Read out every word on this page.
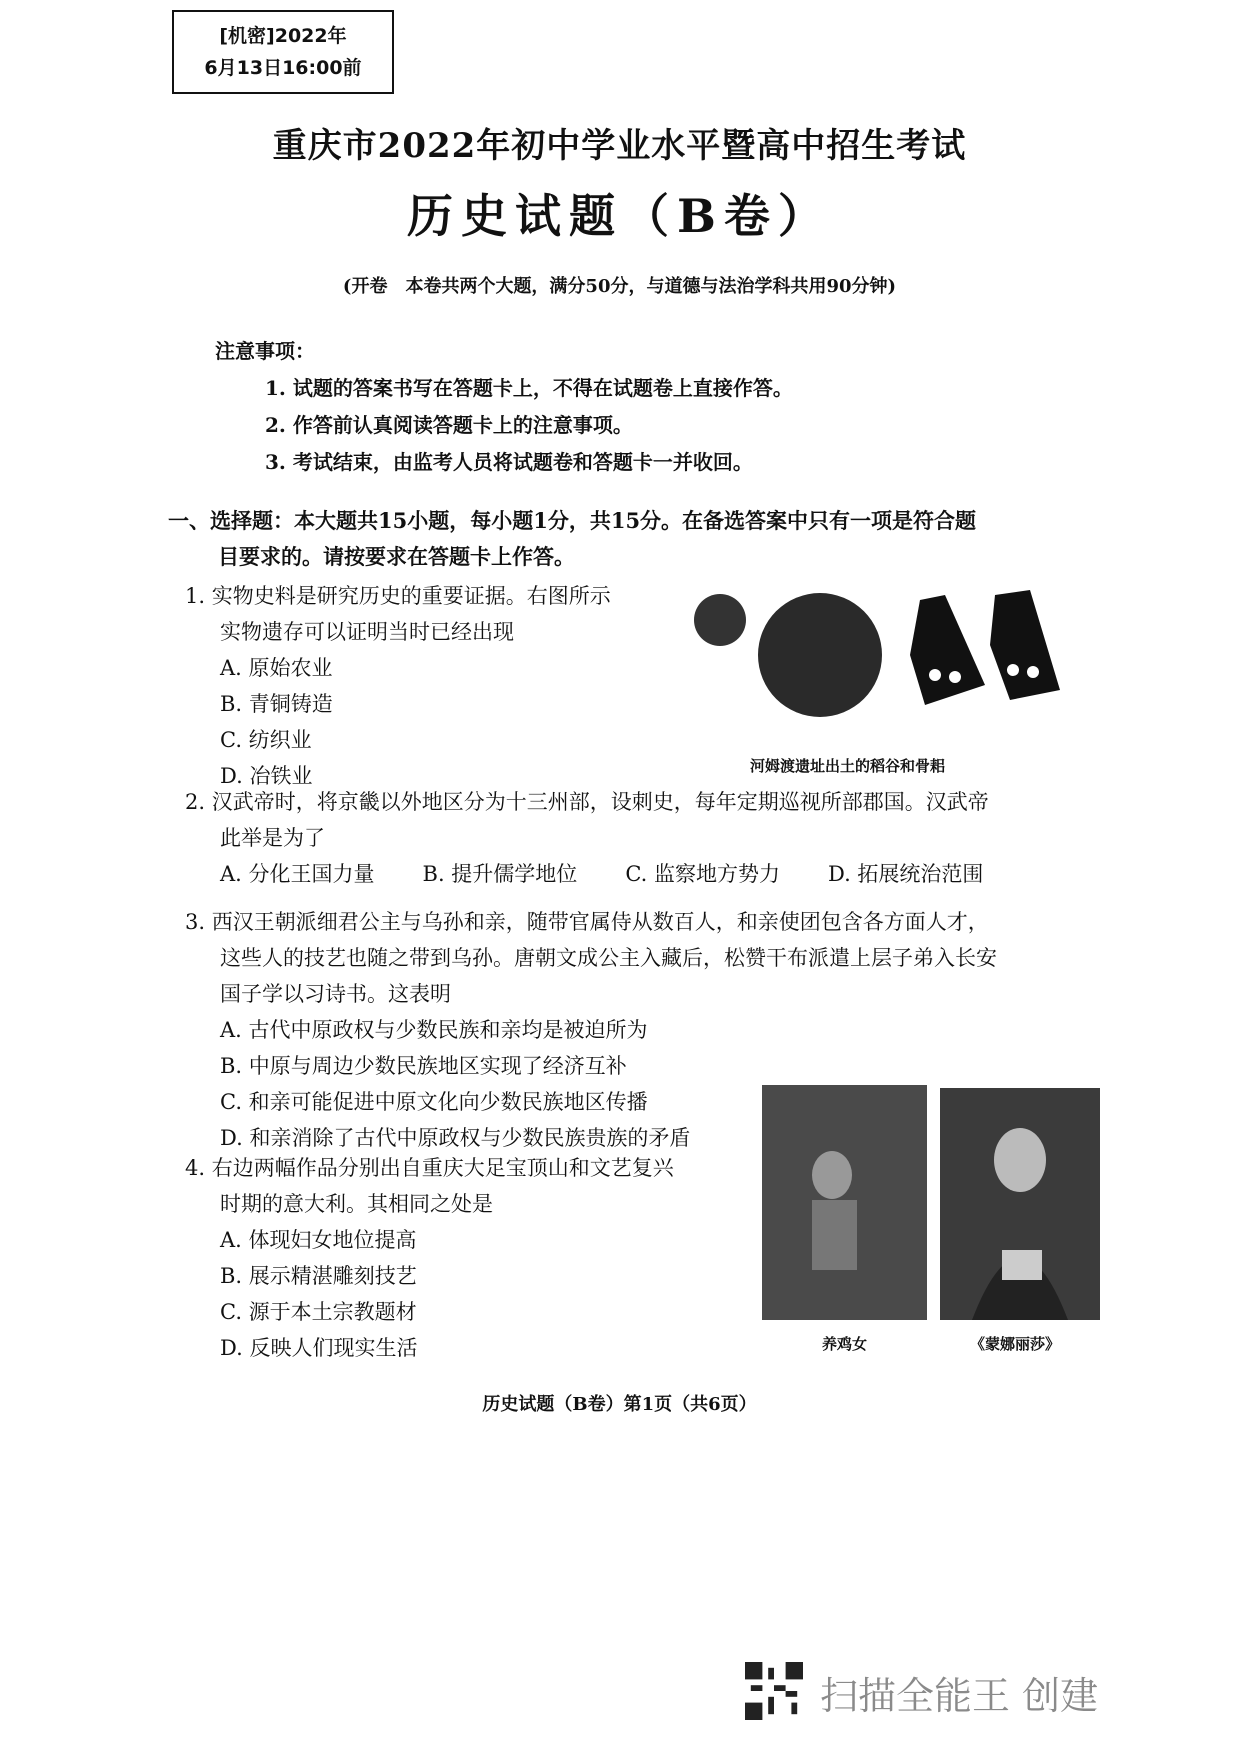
[机密]2022年
6月13日16:00前
重庆市2022年初中学业水平暨高中招生考试
历史试题（B卷）
(开卷　本卷共两个大题，满分50分，与道德与法治学科共用90分钟)
注意事项：
1. 试题的答案书写在答题卡上，不得在试题卷上直接作答。
2. 作答前认真阅读答题卡上的注意事项。
3. 考试结束，由监考人员将试题卷和答题卡一并收回。
一、选择题：本大题共15小题，每小题1分，共15分。在备选答案中只有一项是符合题
目要求的。请按要求在答题卡上作答。
1. 实物史料是研究历史的重要证据。右图所示
实物遗存可以证明当时已经出现
A. 原始农业
B. 青铜铸造
C. 纺织业
D. 冶铁业	河姆渡遗址出土的稻谷和骨耜
2. 汉武帝时，将京畿以外地区分为十三州部，设刺史，每年定期巡视所部郡国。汉武帝
此举是为了
A. 分化王国力量 B. 提升儒学地位 C. 监察地方势力 D. 拓展统治范围
3. 西汉王朝派细君公主与乌孙和亲，随带官属侍从数百人，和亲使团包含各方面人才，
这些人的技艺也随之带到乌孙。唐朝文成公主入藏后，松赞干布派遣上层子弟入长安
国子学以习诗书。这表明
A. 古代中原政权与少数民族和亲均是被迫所为
B. 中原与周边少数民族地区实现了经济互补
C. 和亲可能促进中原文化向少数民族地区传播
D. 和亲消除了古代中原政权与少数民族贵族的矛盾
4. 右边两幅作品分别出自重庆大足宝顶山和文艺复兴
时期的意大利。其相同之处是
A. 体现妇女地位提高
B. 展示精湛雕刻技艺
C. 源于本土宗教题材
D. 反映人们现实生活	养鸡女	《蒙娜丽莎》
历史试题（B卷）第1页（共6页）
扫描全能王 创建
